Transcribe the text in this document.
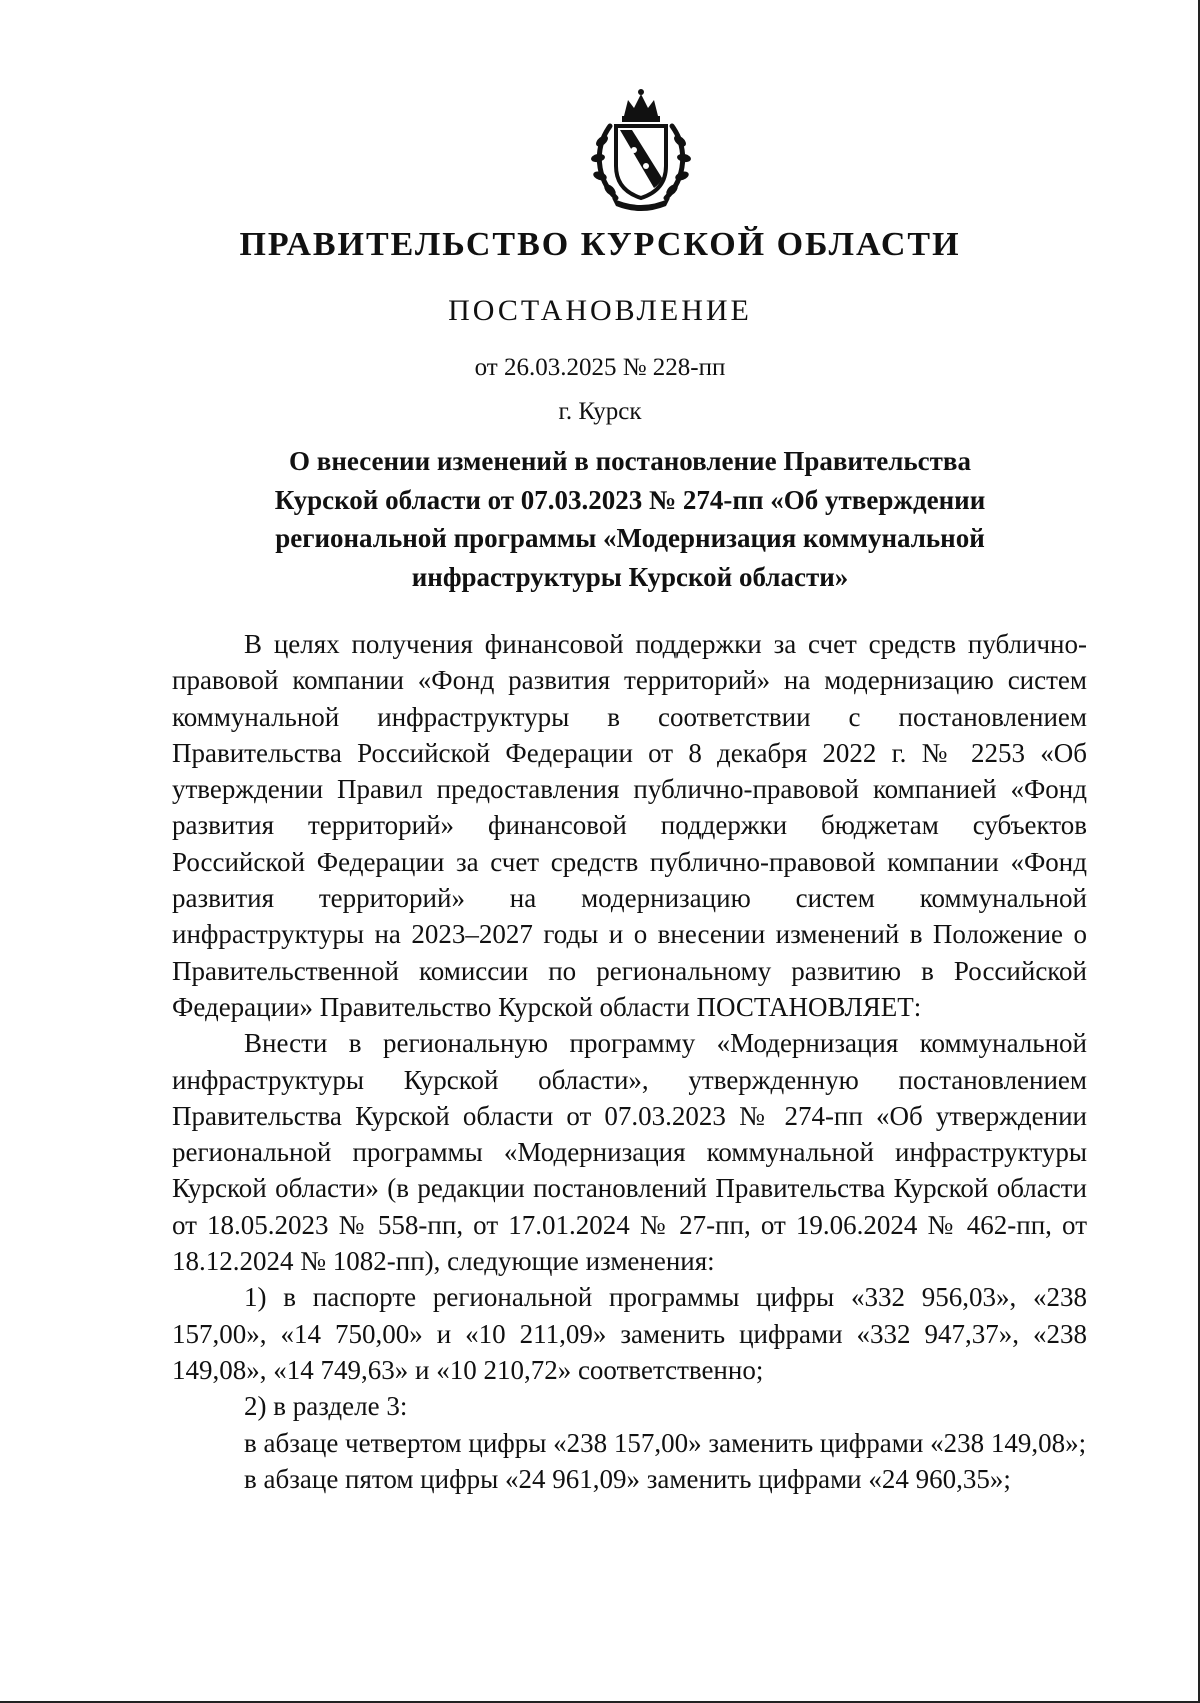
ПРАВИТЕЛЬСТВО КУРСКОЙ ОБЛАСТИ
ПОСТАНОВЛЕНИЕ
от 26.03.2025 № 228-пп
г. Курск
О внесении изменений в постановление Правительства
Курской области от 07.03.2023 № 274-пп «Об утверждении
региональной программы «Модернизация коммунальной
инфраструктуры Курской области»

В целях получения финансовой поддержки за счет средств публично-правовой компании «Фонд развития территорий» на модернизацию систем коммунальной инфраструктуры в соответствии с постановлением Правительства Российской Федерации от 8 декабря 2022 г. № 2253 «Об утверждении Правил предоставления публично-правовой компанией «Фонд развития территорий» финансовой поддержки бюджетам субъектов Российской Федерации за счет средств публично-правовой компании «Фонд развития территорий» на модернизацию систем коммунальной инфраструктуры на 2023–2027 годы и о внесении изменений в Положение о Правительственной комиссии по региональному развитию в Российской Федерации» Правительство Курской области ПОСТАНОВЛЯЕТ:

Внести в региональную программу «Модернизация коммунальной инфраструктуры Курской области», утвержденную постановлением Правительства Курской области от 07.03.2023 № 274-пп «Об утверждении региональной программы «Модернизация коммунальной инфраструктуры Курской области» (в редакции постановлений Правительства Курской области от 18.05.2023 № 558-пп, от 17.01.2024 № 27-пп, от 19.06.2024 № 462-пп, от 18.12.2024 № 1082-пп), следующие изменения:

1) в паспорте региональной программы цифры «332 956,03», «238 157,00», «14 750,00» и «10 211,09» заменить цифрами «332 947,37», «238 149,08», «14 749,63» и «10 210,72» соответственно;

2) в разделе 3:

в абзаце четвертом цифры «238 157,00» заменить цифрами «238 149,08»;

в абзаце пятом цифры «24 961,09» заменить цифрами «24 960,35»;
